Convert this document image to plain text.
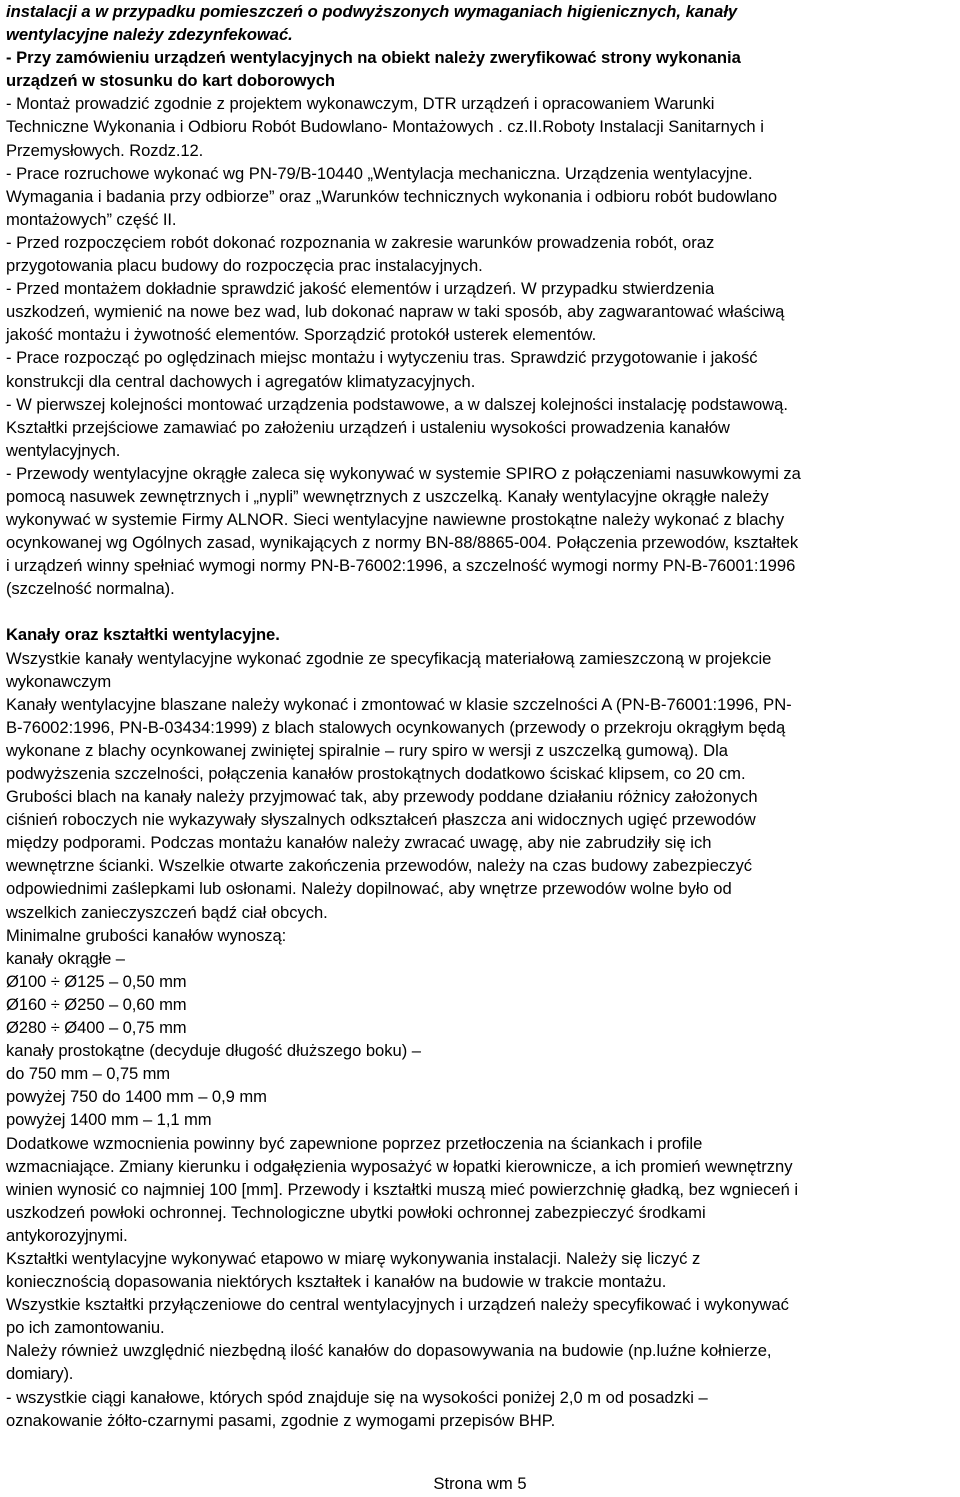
instalacji a w przypadku pomieszczeń o podwyższonych wymaganiach higienicznych, kanały
wentylacyjne należy zdezynfekować.
- Przy zamówieniu urządzeń wentylacyjnych na obiekt należy zweryfikować strony wykonania
urządzeń w stosunku do kart doborowych
- Montaż prowadzić zgodnie z projektem wykonawczym, DTR urządzeń i opracowaniem Warunki
Techniczne Wykonania i Odbioru Robót Budowlano- Montażowych . cz.II.Roboty Instalacji Sanitarnych i
Przemysłowych. Rozdz.12.
- Prace rozruchowe wykonać wg PN-79/B-10440 „Wentylacja mechaniczna. Urządzenia wentylacyjne.
Wymagania i badania przy odbiorze” oraz „Warunków technicznych wykonania i odbioru robót budowlano
montażowych” część II.
- Przed rozpoczęciem robót dokonać rozpoznania w zakresie warunków prowadzenia robót, oraz
przygotowania placu budowy do rozpoczęcia prac instalacyjnych.
- Przed montażem dokładnie sprawdzić jakość elementów i urządzeń. W przypadku stwierdzenia
uszkodzeń, wymienić na nowe bez wad, lub dokonać napraw w taki sposób, aby zagwarantować właściwą
jakość montażu i żywotność elementów. Sporządzić protokół usterek elementów.
- Prace rozpocząć po oględzinach miejsc montażu i wytyczeniu tras. Sprawdzić przygotowanie i jakość
konstrukcji dla central dachowych i agregatów klimatyzacyjnych.
- W pierwszej kolejności montować urządzenia podstawowe, a w dalszej kolejności instalację podstawową.
Kształtki przejściowe zamawiać po założeniu urządzeń i ustaleniu wysokości prowadzenia kanałów
wentylacyjnych.
- Przewody wentylacyjne okrągłe zaleca się wykonywać w systemie SPIRO z połączeniami nasuwkowymi za
pomocą nasuwek zewnętrznych i „nypli” wewnętrznych z uszczelką. Kanały wentylacyjne okrągłe należy
wykonywać w systemie Firmy ALNOR. Sieci wentylacyjne nawiewne prostokątne należy wykonać z blachy
ocynkowanej wg Ogólnych zasad, wynikających z normy BN-88/8865-004. Połączenia przewodów, kształtek
i urządzeń winny spełniać wymogi normy PN-B-76002:1996, a szczelność wymogi normy PN-B-76001:1996
(szczelność normalna).
Kanały oraz kształtki wentylacyjne.
Wszystkie kanały wentylacyjne wykonać zgodnie ze specyfikacją materiałową zamieszczoną w projekcie
wykonawczym
Kanały wentylacyjne blaszane należy wykonać i zmontować w klasie szczelności A (PN-B-76001:1996, PN-
B-76002:1996, PN-B-03434:1999) z blach stalowych ocynkowanych (przewody o przekroju okrągłym będą
wykonane z blachy ocynkowanej zwiniętej spiralnie – rury spiro w wersji z uszczelką gumową). Dla
podwyższenia szczelności, połączenia kanałów prostokątnych dodatkowo ściskać klipsem, co 20 cm.
Grubości blach na kanały należy przyjmować tak, aby przewody poddane działaniu różnicy założonych
ciśnień roboczych nie wykazywały słyszalnych odkształceń płaszcza ani widocznych ugięć przewodów
między podporami. Podczas montażu kanałów należy zwracać uwagę, aby nie zabrudziły się ich
wewnętrzne ścianki. Wszelkie otwarte zakończenia przewodów, należy na czas budowy zabezpieczyć
odpowiednimi zaślepkami lub osłonami. Należy dopilnować, aby wnętrze przewodów wolne było od
wszelkich zanieczyszczeń bądź ciał obcych.
Minimalne grubości kanałów wynoszą:
kanały okrągłe –
Ø100 ÷ Ø125 – 0,50 mm
Ø160 ÷ Ø250 – 0,60 mm
Ø280 ÷ Ø400 – 0,75 mm
kanały prostokątne (decyduje długość dłuższego boku) –
do 750 mm – 0,75 mm
powyżej 750 do 1400 mm – 0,9 mm
powyżej 1400 mm – 1,1 mm
Dodatkowe wzmocnienia powinny być zapewnione poprzez przetłoczenia na ściankach i profile
wzmacniające. Zmiany kierunku i odgałęzienia wyposażyć w łopatki kierownicze, a ich promień wewnętrzny
winien wynosić co najmniej 100 [mm]. Przewody i kształtki muszą mieć powierzchnię gładką, bez wgnieceń i
uszkodzeń powłoki ochronnej. Technologiczne ubytki powłoki ochronnej zabezpieczyć środkami
antykorozyjnymi.
Kształtki wentylacyjne wykonywać etapowo w miarę wykonywania instalacji. Należy się liczyć z
koniecznością dopasowania niektórych kształtek i kanałów na budowie w trakcie montażu.
Wszystkie kształtki przyłączeniowe do central wentylacyjnych i urządzeń należy specyfikować i wykonywać
po ich zamontowaniu.
Należy również uwzględnić niezbędną ilość kanałów do dopasowywania na budowie (np.luźne kołnierze,
domiary).
- wszystkie ciągi kanałowe, których spód znajduje się na wysokości poniżej 2,0 m od posadzki –
oznakowanie żółto-czarnymi pasami, zgodnie z wymogami przepisów BHP.
Strona wm 5
